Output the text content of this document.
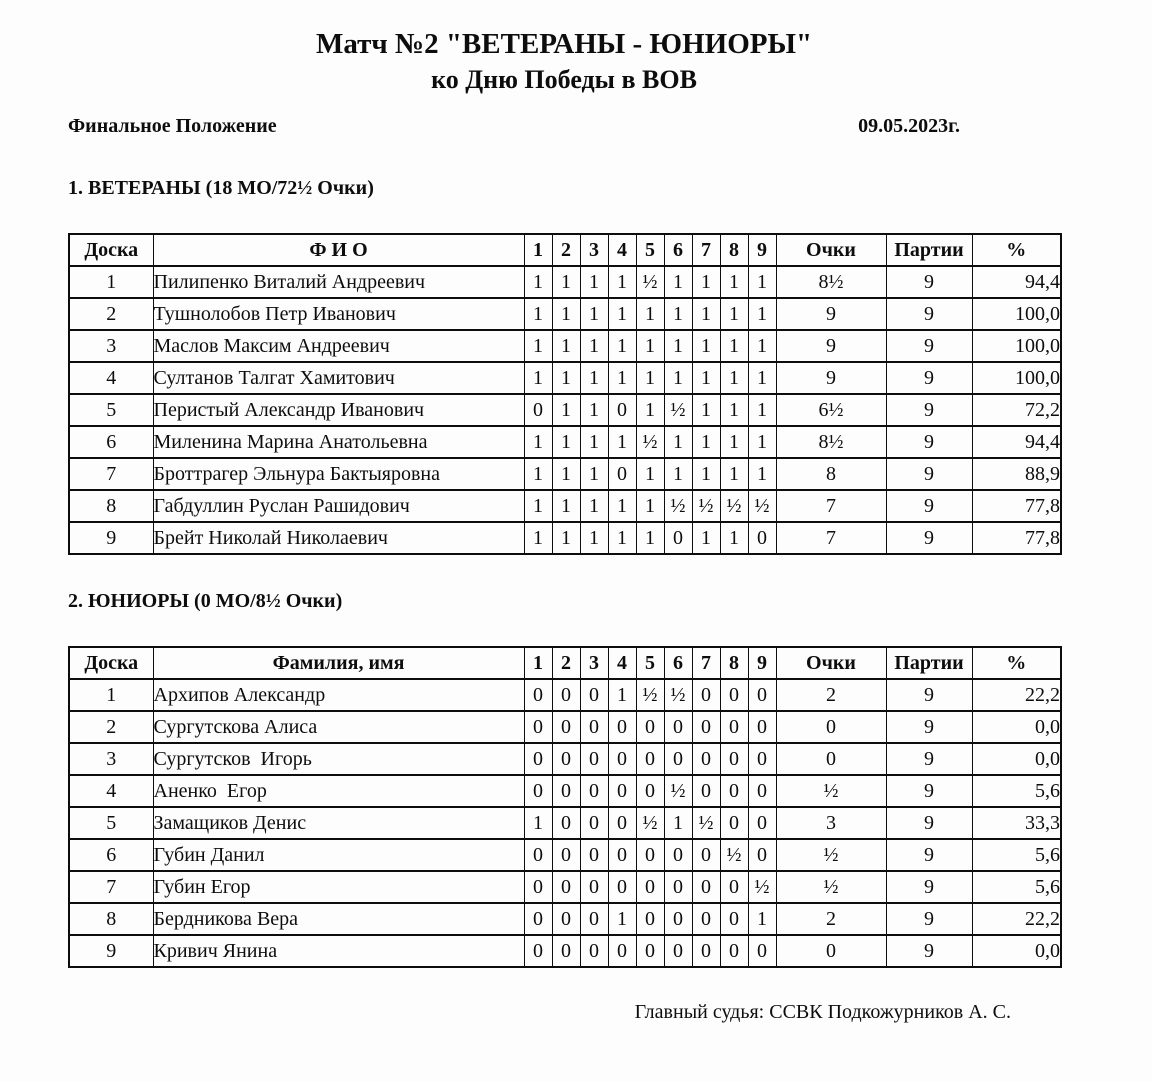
Матч №2 "ВЕТЕРАНЫ - ЮНИОРЫ"
ко Дню Победы в ВОВ
Финальное Положение	09.05.2023г.
1. ВЕТЕРАНЫ (18 МО/72½ Очки)
Доска	Ф И О	1	2	3	4	5	6	7	8	9	Очки	Партии	%
1	Пилипенко Виталий Андреевич	1	1	1	1	½	1	1	1	1	8½	9	94,4
2	Тушнолобов Петр Иванович	1	1	1	1	1	1	1	1	1	9	9	100,0
3	Маслов Максим Андреевич	1	1	1	1	1	1	1	1	1	9	9	100,0
4	Султанов Талгат Хамитович	1	1	1	1	1	1	1	1	1	9	9	100,0
5	Перистый Александр Иванович	0	1	1	0	1	½	1	1	1	6½	9	72,2
6	Миленина Марина Анатольевна	1	1	1	1	½	1	1	1	1	8½	9	94,4
7	Броттрагер Эльнура Бактыяровна	1	1	1	0	1	1	1	1	1	8	9	88,9
8	Габдуллин Руслан Рашидович	1	1	1	1	1	½	½	½	½	7	9	77,8
9	Брейт Николай Николаевич	1	1	1	1	1	0	1	1	0	7	9	77,8
2. ЮНИОРЫ (0 МО/8½ Очки)
Доска	Фамилия, имя	1	2	3	4	5	6	7	8	9	Очки	Партии	%
1	Архипов Александр	0	0	0	1	½	½	0	0	0	2	9	22,2
2	Сургутскова Алиса	0	0	0	0	0	0	0	0	0	0	9	0,0
3	Сургутсков  Игорь	0	0	0	0	0	0	0	0	0	0	9	0,0
4	Аненко  Егор	0	0	0	0	0	½	0	0	0	½	9	5,6
5	Замащиков Денис	1	0	0	0	½	1	½	0	0	3	9	33,3
6	Губин Данил	0	0	0	0	0	0	0	½	0	½	9	5,6
7	Губин Егор	0	0	0	0	0	0	0	0	½	½	9	5,6
8	Бердникова Вера	0	0	0	1	0	0	0	0	1	2	9	22,2
9	Кривич Янина	0	0	0	0	0	0	0	0	0	0	9	0,0
Главный судья: ССВК Подкожурников А. С.
